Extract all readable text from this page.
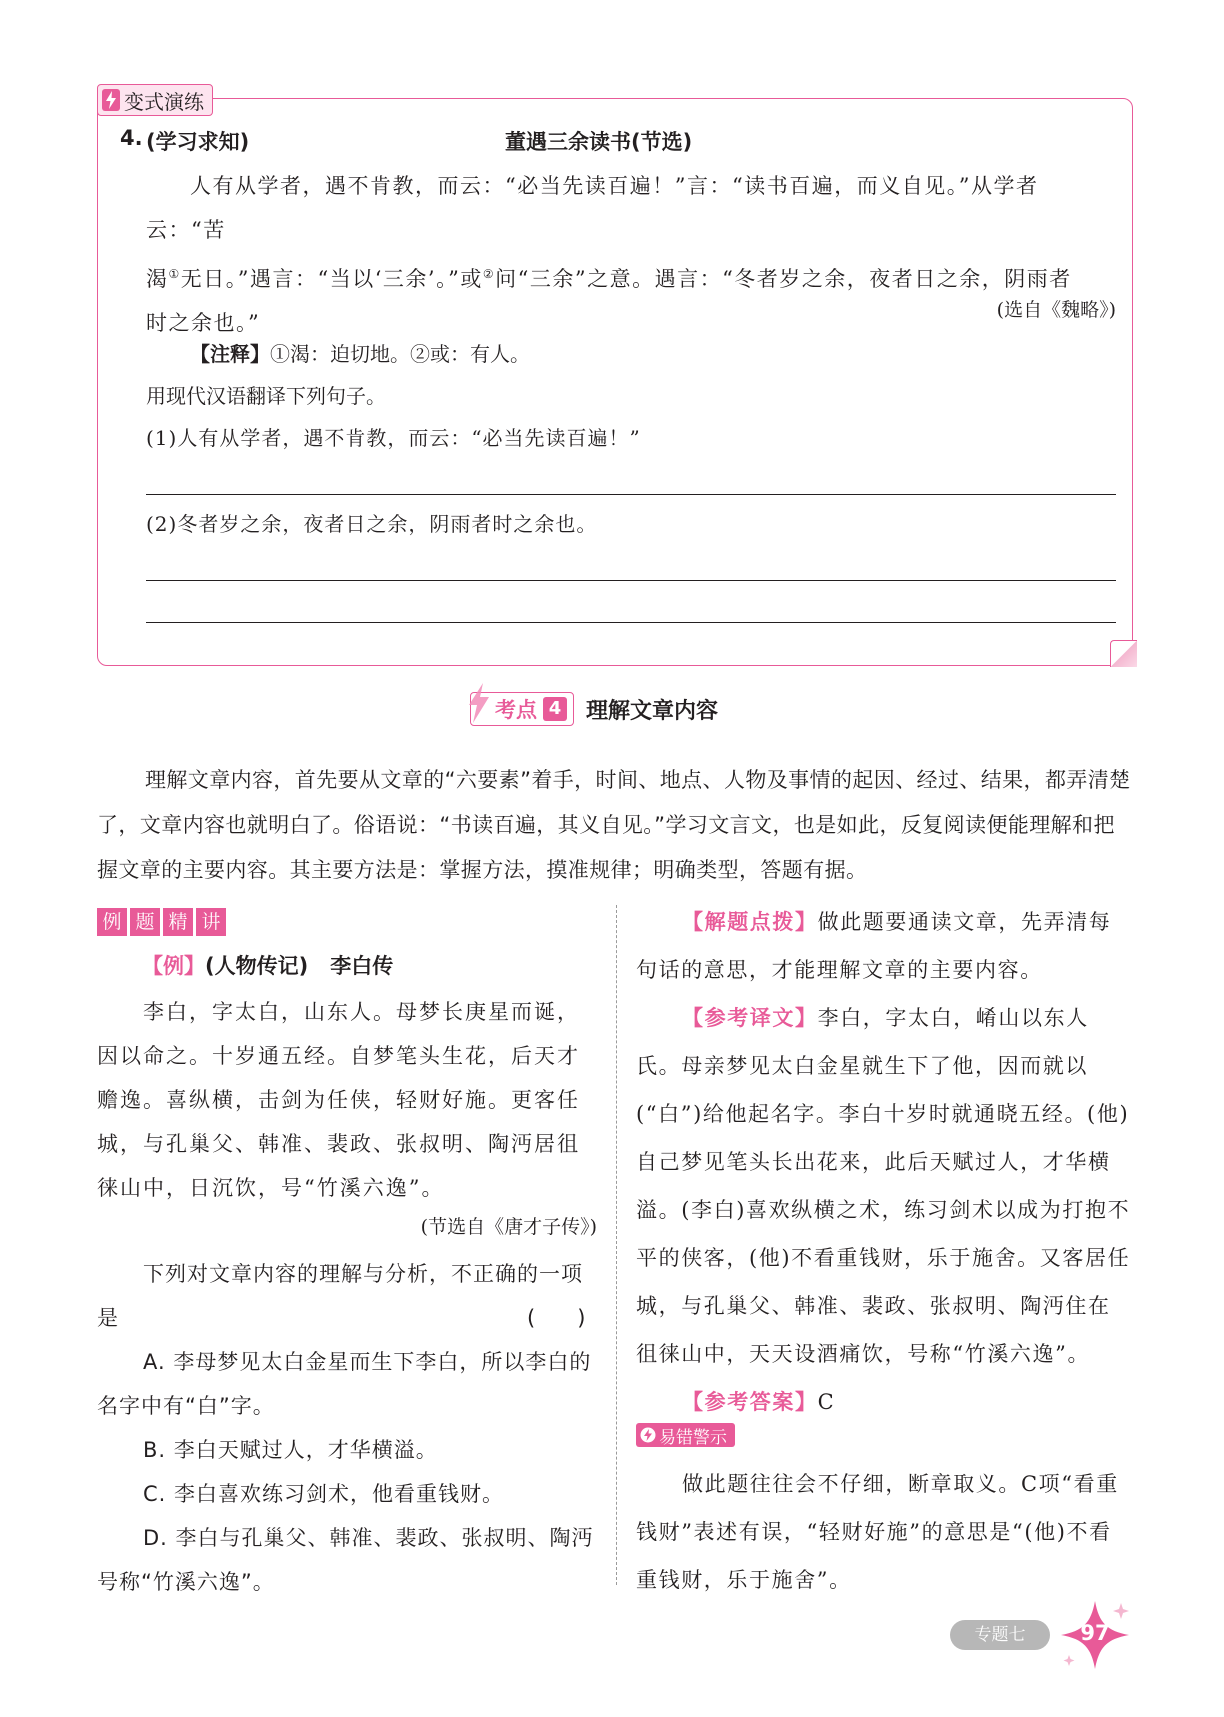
变式演练
4. (学习求知)	董遇三余读书(节选)
人有从学者，遇不肯教，而云：“必当先读百遍！”言：“读书百遍，而义自见。”从学者云：“苦
渴①无日。”遇言：“当以‘三余’。”或②问“三余”之意。遇言：“冬者岁之余，夜者日之余，阴雨者
时之余也。”
(选自《魏略》)
【注释】①渴：迫切地。②或：有人。
用现代汉语翻译下列句子。
(1)人有从学者，遇不肯教，而云：“必当先读百遍！”
(2)冬者岁之余，夜者日之余，阴雨者时之余也。
考点 4 理解文章内容
理解文章内容，首先要从文章的“六要素”着手，时间、地点、人物及事情的起因、经过、结果，都弄清楚了，文章内容也就明白了。俗语说：“书读百遍，其义自见。”学习文言文，也是如此，反复阅读便能理解和把握文章的主要内容。其主要方法是：掌握方法，摸准规律；明确类型，答题有据。
例 题 精 讲
【例】(人物传记) 李白传
李白，字太白，山东人。母梦长庚星而诞，因以命之。十岁通五经。自梦笔头生花，后天才赡逸。喜纵横，击剑为任侠，轻财好施。更客任城，与孔巢父、韩准、裴政、张叔明、陶沔居徂徕山中，日沉饮，号“竹溪六逸”。
(节选自《唐才子传》)
下列对文章内容的理解与分析，不正确的一项是	(　　)
A. 李母梦见太白金星而生下李白，所以李白的名字中有“白”字。
B. 李白天赋过人，才华横溢。
C. 李白喜欢练习剑术，他看重钱财。
D. 李白与孔巢父、韩准、裴政、张叔明、陶沔号称“竹溪六逸”。
【解题点拨】做此题要通读文章，先弄清每句话的意思，才能理解文章的主要内容。
【参考译文】李白，字太白，崤山以东人氏。母亲梦见太白金星就生下了他，因而就以(“白”)给他起名字。李白十岁时就通晓五经。(他)自己梦见笔头长出花来，此后天赋过人，才华横溢。(李白)喜欢纵横之术，练习剑术以成为打抱不平的侠客，(他)不看重钱财，乐于施舍。又客居任城，与孔巢父、韩准、裴政、张叔明、陶沔住在徂徕山中，天天设酒痛饮，号称“竹溪六逸”。
【参考答案】C
易错警示
做此题往往会不仔细，断章取义。C项“看重钱财”表述有误，“轻财好施”的意思是“(他)不看重钱财，乐于施舍”。
专题七	97
